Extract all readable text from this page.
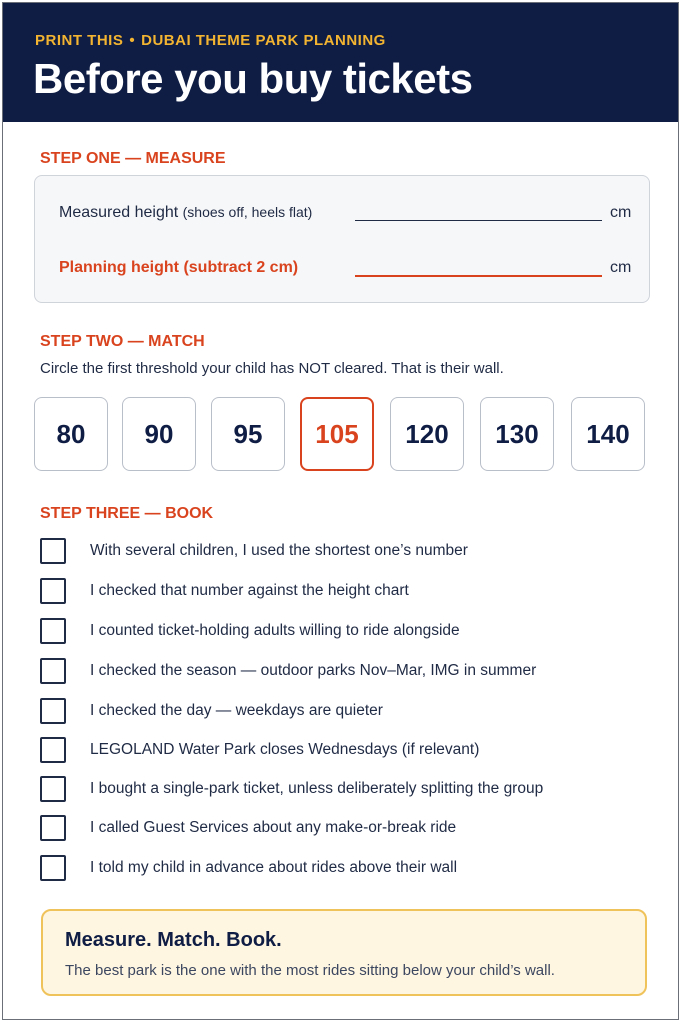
PRINT THIS • DUBAI THEME PARK PLANNING
Before you buy tickets
STEP ONE — MEASURE
Measured height (shoes off, heels flat)	cm
Planning height (subtract 2 cm)	cm
STEP TWO — MATCH
Circle the first threshold your child has NOT cleared. That is their wall.
80	90	95	105	120	130	140
STEP THREE — BOOK
With several children, I used the shortest one’s number
I checked that number against the height chart
I counted ticket-holding adults willing to ride alongside
I checked the season — outdoor parks Nov–Mar, IMG in summer
I checked the day — weekdays are quieter
LEGOLAND Water Park closes Wednesdays (if relevant)
I bought a single-park ticket, unless deliberately splitting the group
I called Guest Services about any make-or-break ride
I told my child in advance about rides above their wall
Measure. Match. Book.
The best park is the one with the most rides sitting below your child’s wall.
